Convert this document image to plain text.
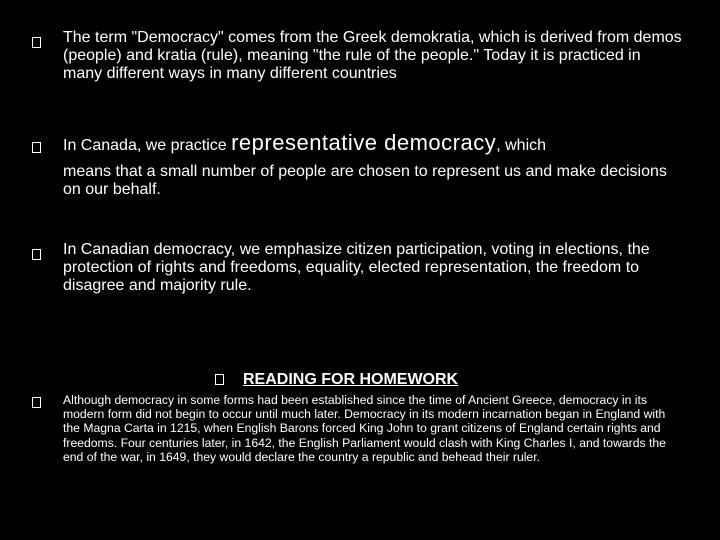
The term "Democracy" comes from the Greek demokratia, which is derived from demos (people) and kratia (rule), meaning "the rule of the people." Today it is practiced in many different ways in many different countries

In Canada, we practice representative democracy, which
means that a small number of people are chosen to represent us and make decisions on our behalf.

In Canadian democracy, we emphasize citizen participation, voting in elections, the protection of rights and freedoms, equality, elected representation, the freedom to disagree and majority rule.

READING FOR HOMEWORK

Although democracy in some forms had been established since the time of Ancient Greece, democracy in its modern form did not begin to occur until much later. Democracy in its modern incarnation began in England with the Magna Carta in 1215, when English Barons forced King John to grant citizens of England certain rights and freedoms. Four centuries later, in 1642, the English Parliament would clash with King Charles I, and towards the end of the war, in 1649, they would declare the country a republic and behead their ruler.
